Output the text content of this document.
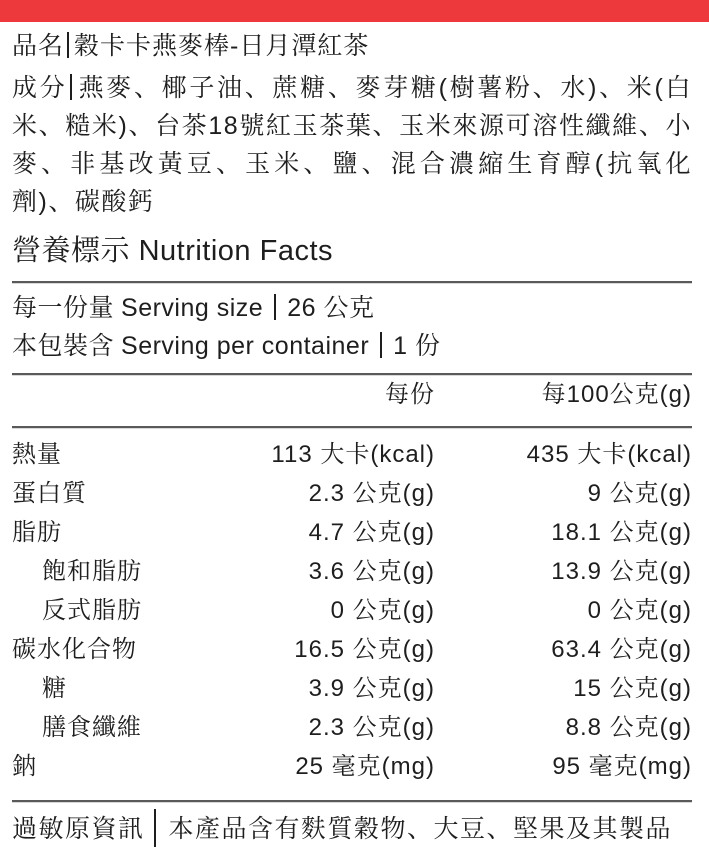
品名 穀卡卡燕麥棒-日月潭紅茶

成分 燕麥、椰子油、蔗糖、麥芽糖(樹薯粉、水)、米(白米、糙米)、台茶18號紅玉茶葉、玉米來源可溶性纖維、小麥、非基改黃豆、玉米、鹽、混合濃縮生育醇(抗氧化劑)、碳酸鈣

營養標示 Nutrition Facts
每一份量 Serving size 26 公克
本包裝含 Serving per container 1 份
每份	每100公克(g)
熱量	113 大卡(kcal)	435 大卡(kcal)
蛋白質	2.3 公克(g)	9 公克(g)
脂肪	4.7 公克(g)	18.1 公克(g)
飽和脂肪	3.6 公克(g)	13.9 公克(g)
反式脂肪	0 公克(g)	0 公克(g)
碳水化合物	16.5 公克(g)	63.4 公克(g)
糖	3.9 公克(g)	15 公克(g)
膳食纖維	2.3 公克(g)	8.8 公克(g)
鈉	25 毫克(mg)	95 毫克(mg)
過敏原資訊 本產品含有麩質穀物、大豆、堅果及其製品
